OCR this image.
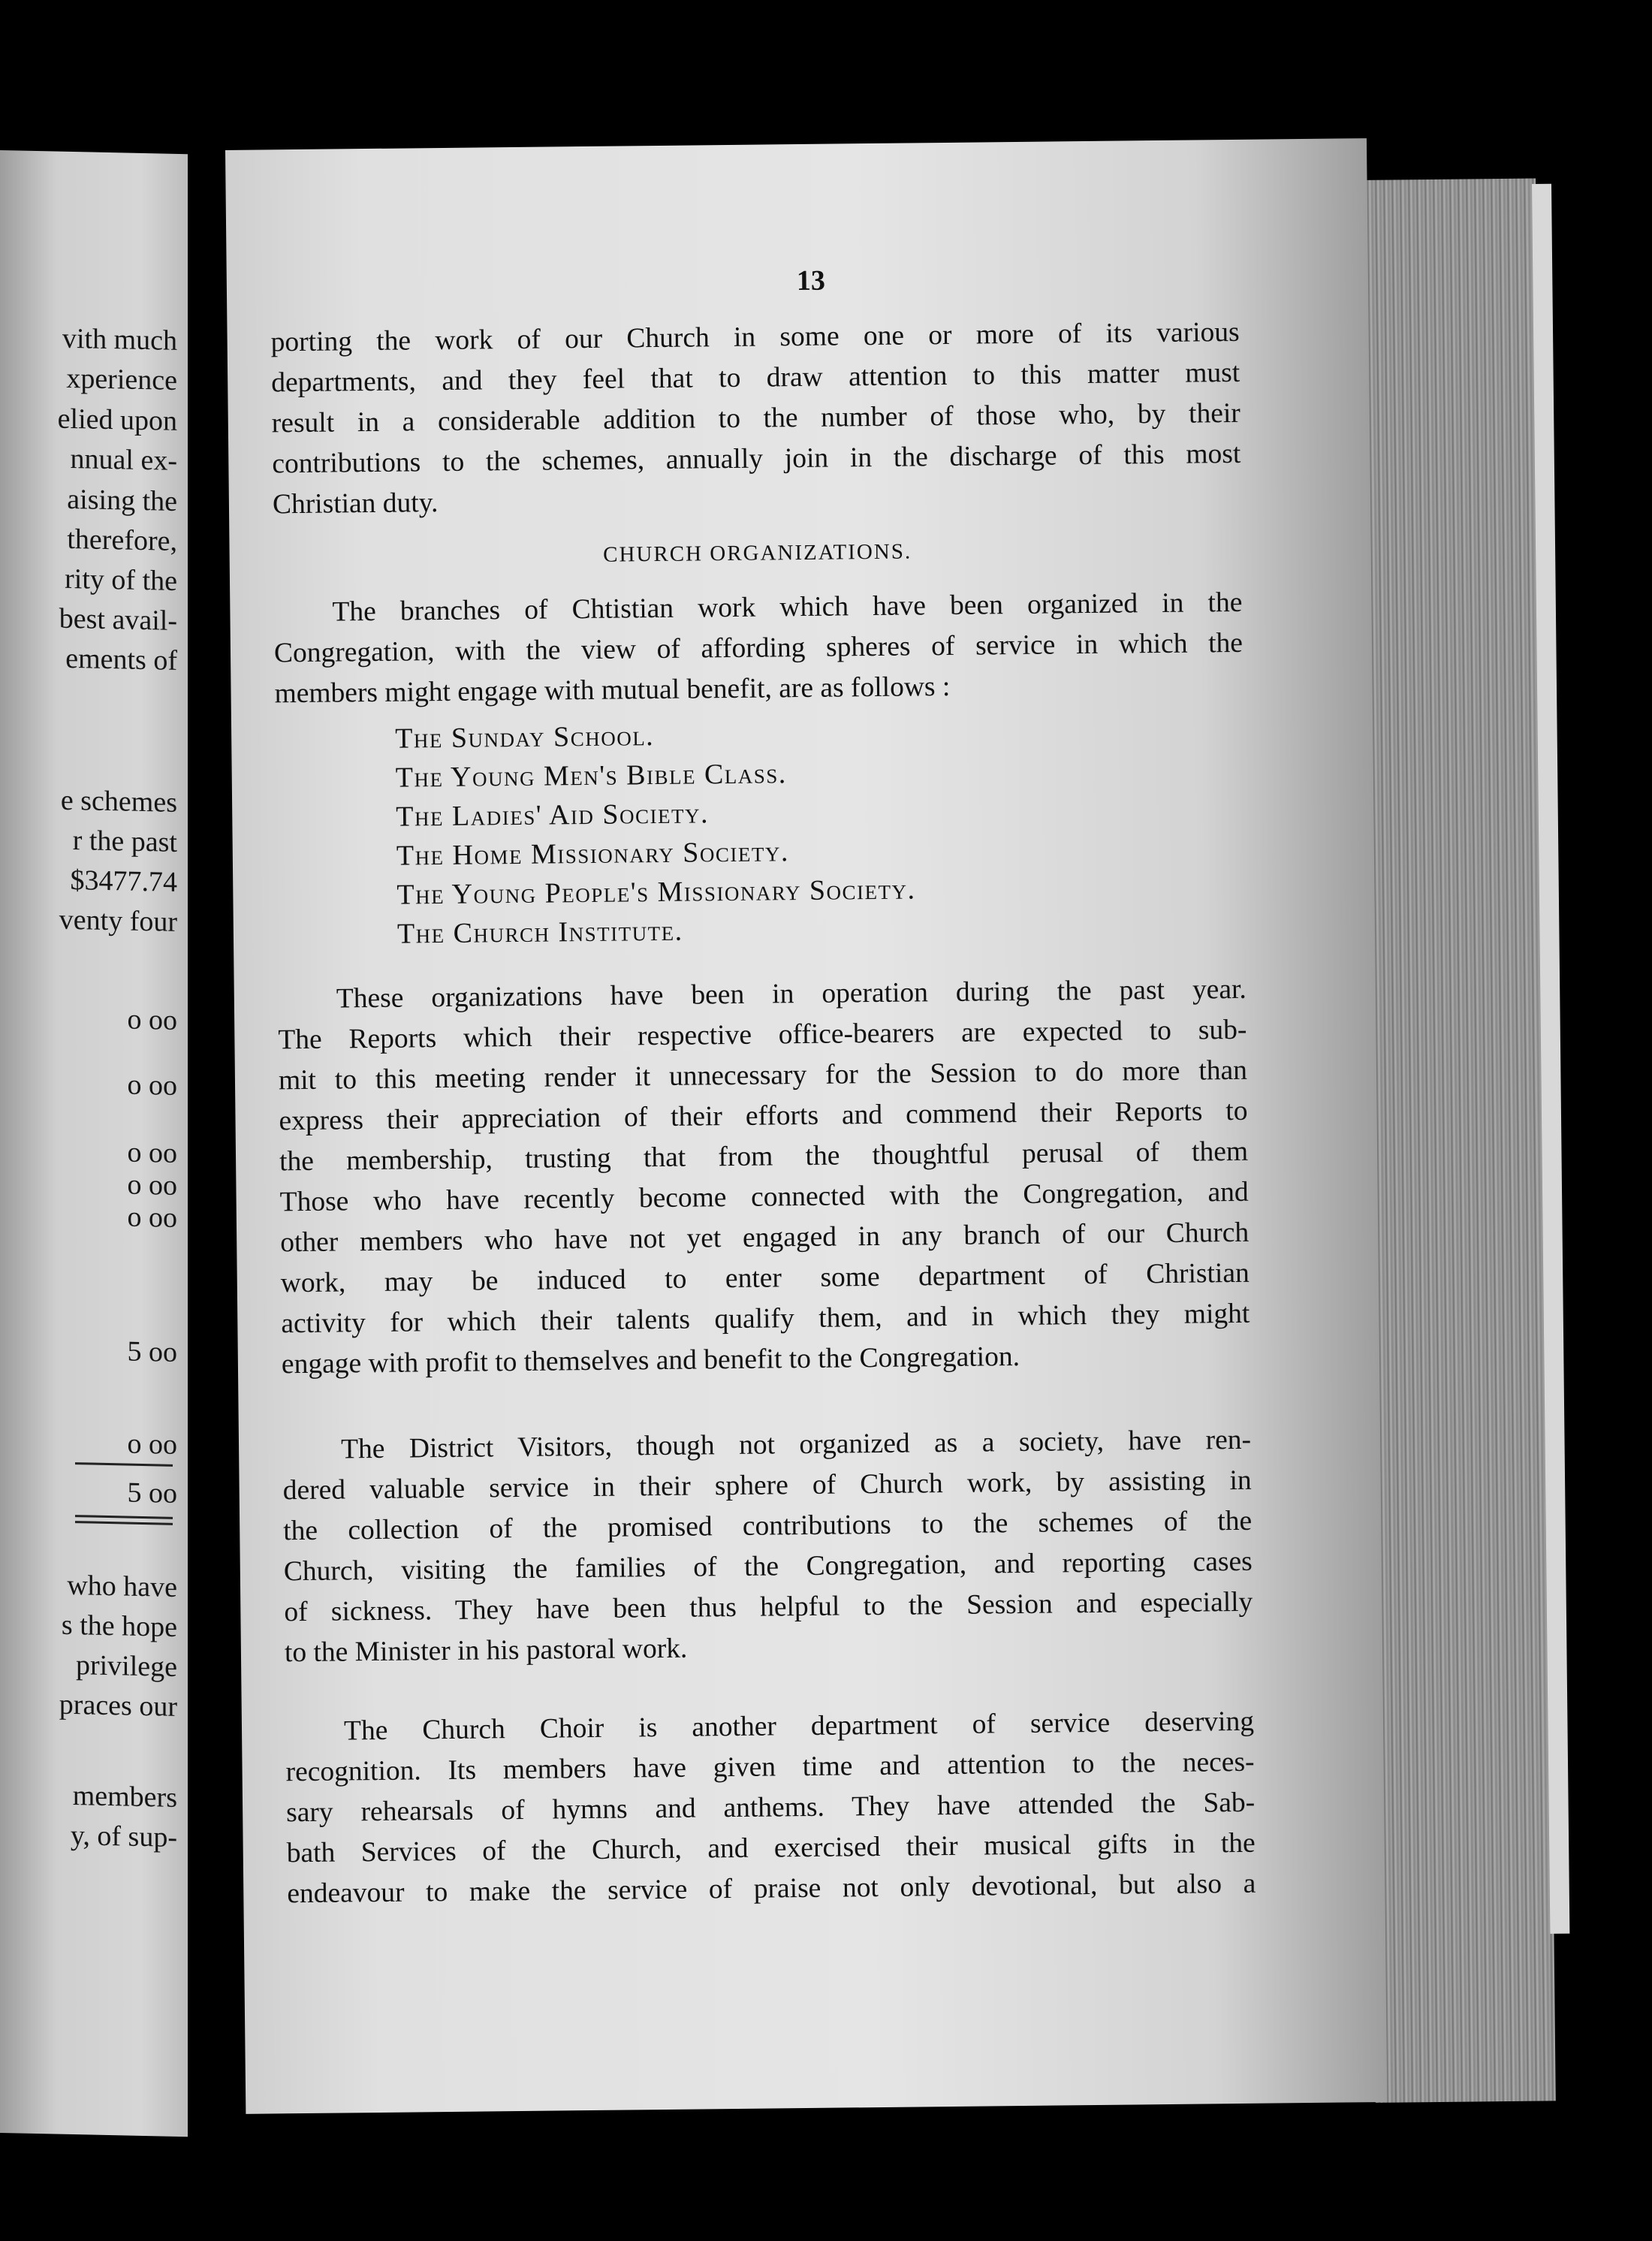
vith much
xperience
elied upon
nnual ex-
aising the
therefore,
rity of the
best avail-
ements of
e schemes
r the past
$3477.74
venty four
o oo
o oo
o oo
o oo
o oo
5 oo
o oo
5 oo
who have
s the hope
privilege
praces our
members
y, of sup-
13
porting the work of our Church in some one or more of its various
departments, and they feel that to draw attention to this matter must
result in a considerable addition to the number of those who, by their
contributions to the schemes, annually join in the discharge of this most
Christian duty.
CHURCH ORGANIZATIONS.
The branches of Chtistian work which have been organized in the
Congregation, with the view of affording spheres of service in which the
members might engage with mutual benefit, are as follows :
The Sunday School.
The Young Men's Bible Class.
The Ladies' Aid Society.
The Home Missionary Society.
The Young People's Missionary Society.
The Church Institute.
These organizations have been in operation during the past year.
The Reports which their respective office-bearers are expected to sub-
mit to this meeting render it unnecessary for the Session to do more than
express their appreciation of their efforts and commend their Reports to
the membership, trusting that from the thoughtful perusal of them
Those who have recently become connected with the Congregation, and
other members who have not yet engaged in any branch of our Church
work, may be induced to enter some department of Christian
activity for which their talents qualify them, and in which they might
engage with profit to themselves and benefit to the Congregation.
The District Visitors, though not organized as a society, have ren-
dered valuable service in their sphere of Church work, by assisting in
the collection of the promised contributions to the schemes of the
Church, visiting the families of the Congregation, and reporting cases
of sickness. They have been thus helpful to the Session and especially
to the Minister in his pastoral work.
The Church Choir is another department of service deserving
recognition. Its members have given time and attention to the neces-
sary rehearsals of hymns and anthems. They have attended the Sab-
bath Services of the Church, and exercised their musical gifts in the
endeavour to make the service of praise not only devotional, but also a
